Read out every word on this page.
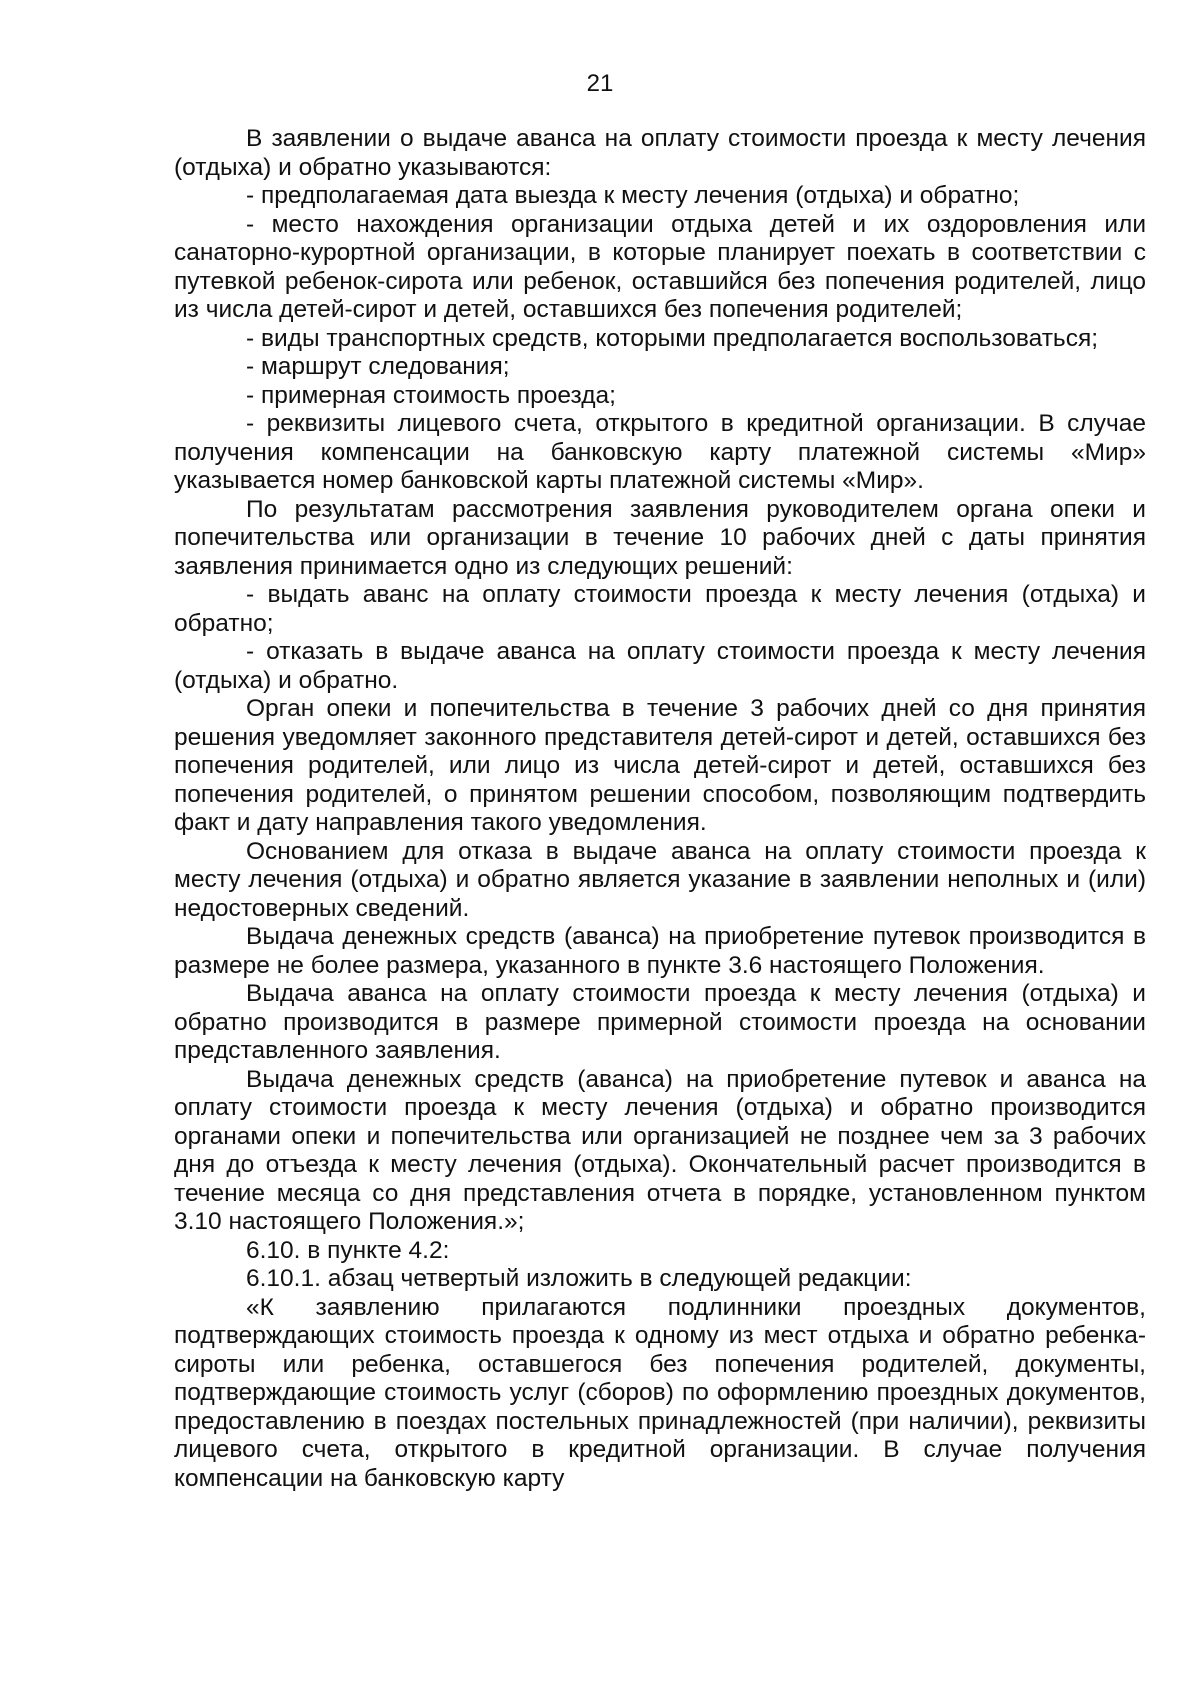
21

В заявлении о выдаче аванса на оплату стоимости проезда к месту лечения (отдыха) и обратно указываются:

- предполагаемая дата выезда к месту лечения (отдыха) и обратно;

- место нахождения организации отдыха детей и их оздоровления или санаторно-курортной организации, в которые планирует поехать в соответствии с путевкой ребенок-сирота или ребенок, оставшийся без попечения родителей, лицо из числа детей-сирот и детей, оставшихся без попечения родителей;

- виды транспортных средств, которыми предполагается воспользоваться;

- маршрут следования;

- примерная стоимость проезда;

- реквизиты лицевого счета, открытого в кредитной организации. В случае получения компенсации на банковскую карту платежной системы «Мир» указывается номер банковской карты платежной системы «Мир».

По результатам рассмотрения заявления руководителем органа опеки и попечительства или организации в течение 10 рабочих дней с даты принятия заявления принимается одно из следующих решений:

- выдать аванс на оплату стоимости проезда к месту лечения (отдыха) и обратно;

- отказать в выдаче аванса на оплату стоимости проезда к месту лечения (отдыха) и обратно.

Орган опеки и попечительства в течение 3 рабочих дней со дня принятия решения уведомляет законного представителя детей-сирот и детей, оставшихся без попечения родителей, или лицо из числа детей-сирот и детей, оставшихся без попечения родителей, о принятом решении способом, позволяющим подтвердить факт и дату направления такого уведомления.

Основанием для отказа в выдаче аванса на оплату стоимости проезда к месту лечения (отдыха) и обратно является указание в заявлении неполных и (или) недостоверных сведений.

Выдача денежных средств (аванса) на приобретение путевок производится в размере не более размера, указанного в пункте 3.6 настоящего Положения.

Выдача аванса на оплату стоимости проезда к месту лечения (отдыха) и обратно производится в размере примерной стоимости проезда на основании представленного заявления.

Выдача денежных средств (аванса) на приобретение путевок и аванса на оплату стоимости проезда к месту лечения (отдыха) и обратно производится органами опеки и попечительства или организацией не позднее чем за 3 рабочих дня до отъезда к месту лечения (отдыха). Окончательный расчет производится в течение месяца со дня представления отчета в порядке, установленном пунктом 3.10 настоящего Положения.»;

6.10. в пункте 4.2:

6.10.1. абзац четвертый изложить в следующей редакции:

«К заявлению прилагаются подлинники проездных документов, подтверждающих стоимость проезда к одному из мест отдыха и обратно ребенка-сироты или ребенка, оставшегося без попечения родителей, документы, подтверждающие стоимость услуг (сборов) по оформлению проездных документов, предоставлению в поездах постельных принадлежностей (при наличии), реквизиты лицевого счета, открытого в кредитной организации. В случае получения компенсации на банковскую карту
